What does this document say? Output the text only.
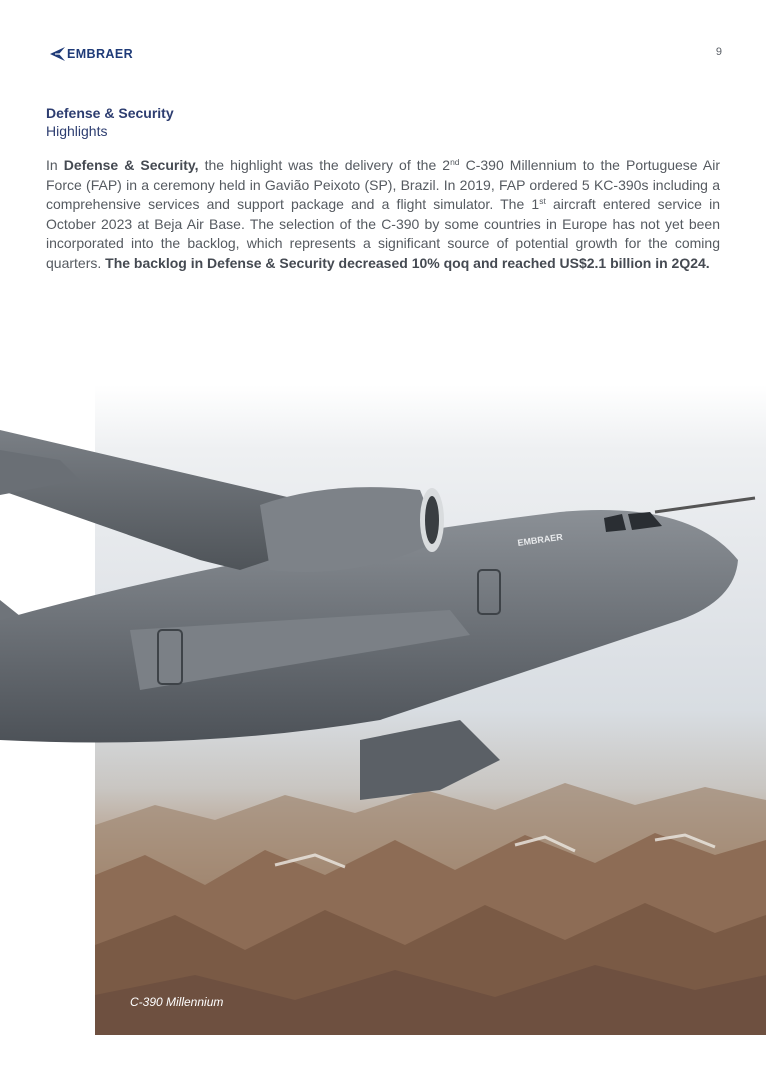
EMBRAER	9
Defense & Security
Highlights
In Defense & Security, the highlight was the delivery of the 2nd C-390 Millennium to the Portuguese Air Force (FAP) in a ceremony held in Gavião Peixoto (SP), Brazil. In 2019, FAP ordered 5 KC-390s including a comprehensive services and support package and a flight simulator. The 1st aircraft entered service in October 2023 at Beja Air Base. The selection of the C-390 by some countries in Europe has not yet been incorporated into the backlog, which represents a significant source of potential growth for the coming quarters. The backlog in Defense & Security decreased 10% qoq and reached US$2.1 billion in 2Q24.
EMBRAER
C-390 Millennium
